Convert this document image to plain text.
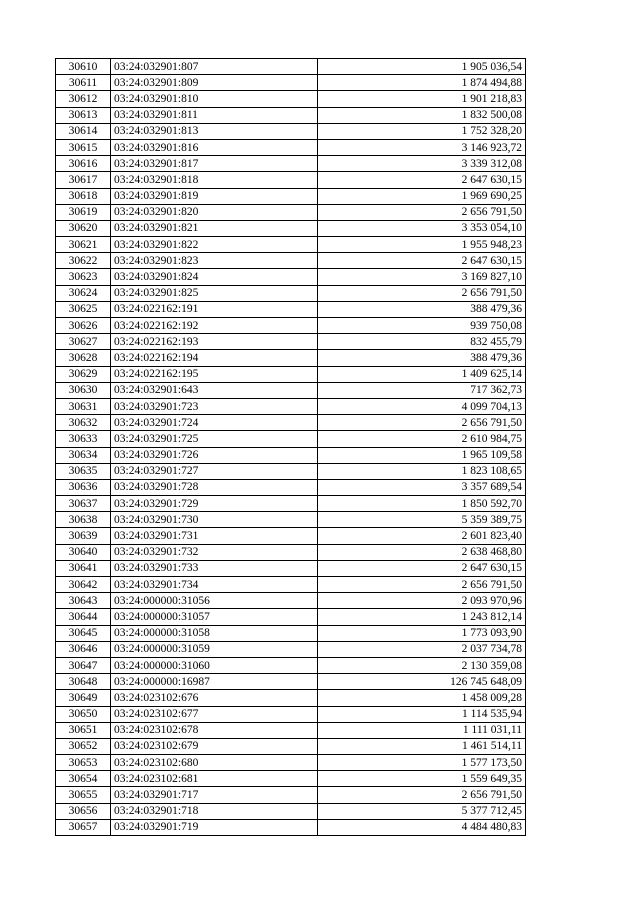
30610	03:24:032901:807	1 905 036,54
30611	03:24:032901:809	1 874 494,88
30612	03:24:032901:810	1 901 218,83
30613	03:24:032901:811	1 832 500,08
30614	03:24:032901:813	1 752 328,20
30615	03:24:032901:816	3 146 923,72
30616	03:24:032901:817	3 339 312,08
30617	03:24:032901:818	2 647 630,15
30618	03:24:032901:819	1 969 690,25
30619	03:24:032901:820	2 656 791,50
30620	03:24:032901:821	3 353 054,10
30621	03:24:032901:822	1 955 948,23
30622	03:24:032901:823	2 647 630,15
30623	03:24:032901:824	3 169 827,10
30624	03:24:032901:825	2 656 791,50
30625	03:24:022162:191	388 479,36
30626	03:24:022162:192	939 750,08
30627	03:24:022162:193	832 455,79
30628	03:24:022162:194	388 479,36
30629	03:24:022162:195	1 409 625,14
30630	03:24:032901:643	717 362,73
30631	03:24:032901:723	4 099 704,13
30632	03:24:032901:724	2 656 791,50
30633	03:24:032901:725	2 610 984,75
30634	03:24:032901:726	1 965 109,58
30635	03:24:032901:727	1 823 108,65
30636	03:24:032901:728	3 357 689,54
30637	03:24:032901:729	1 850 592,70
30638	03:24:032901:730	5 359 389,75
30639	03:24:032901:731	2 601 823,40
30640	03:24:032901:732	2 638 468,80
30641	03:24:032901:733	2 647 630,15
30642	03:24:032901:734	2 656 791,50
30643	03:24:000000:31056	2 093 970,96
30644	03:24:000000:31057	1 243 812,14
30645	03:24:000000:31058	1 773 093,90
30646	03:24:000000:31059	2 037 734,78
30647	03:24:000000:31060	2 130 359,08
30648	03:24:000000:16987	126 745 648,09
30649	03:24:023102:676	1 458 009,28
30650	03:24:023102:677	1 114 535,94
30651	03:24:023102:678	1 111 031,11
30652	03:24:023102:679	1 461 514,11
30653	03:24:023102:680	1 577 173,50
30654	03:24:023102:681	1 559 649,35
30655	03:24:032901:717	2 656 791,50
30656	03:24:032901:718	5 377 712,45
30657	03:24:032901:719	4 484 480,83
